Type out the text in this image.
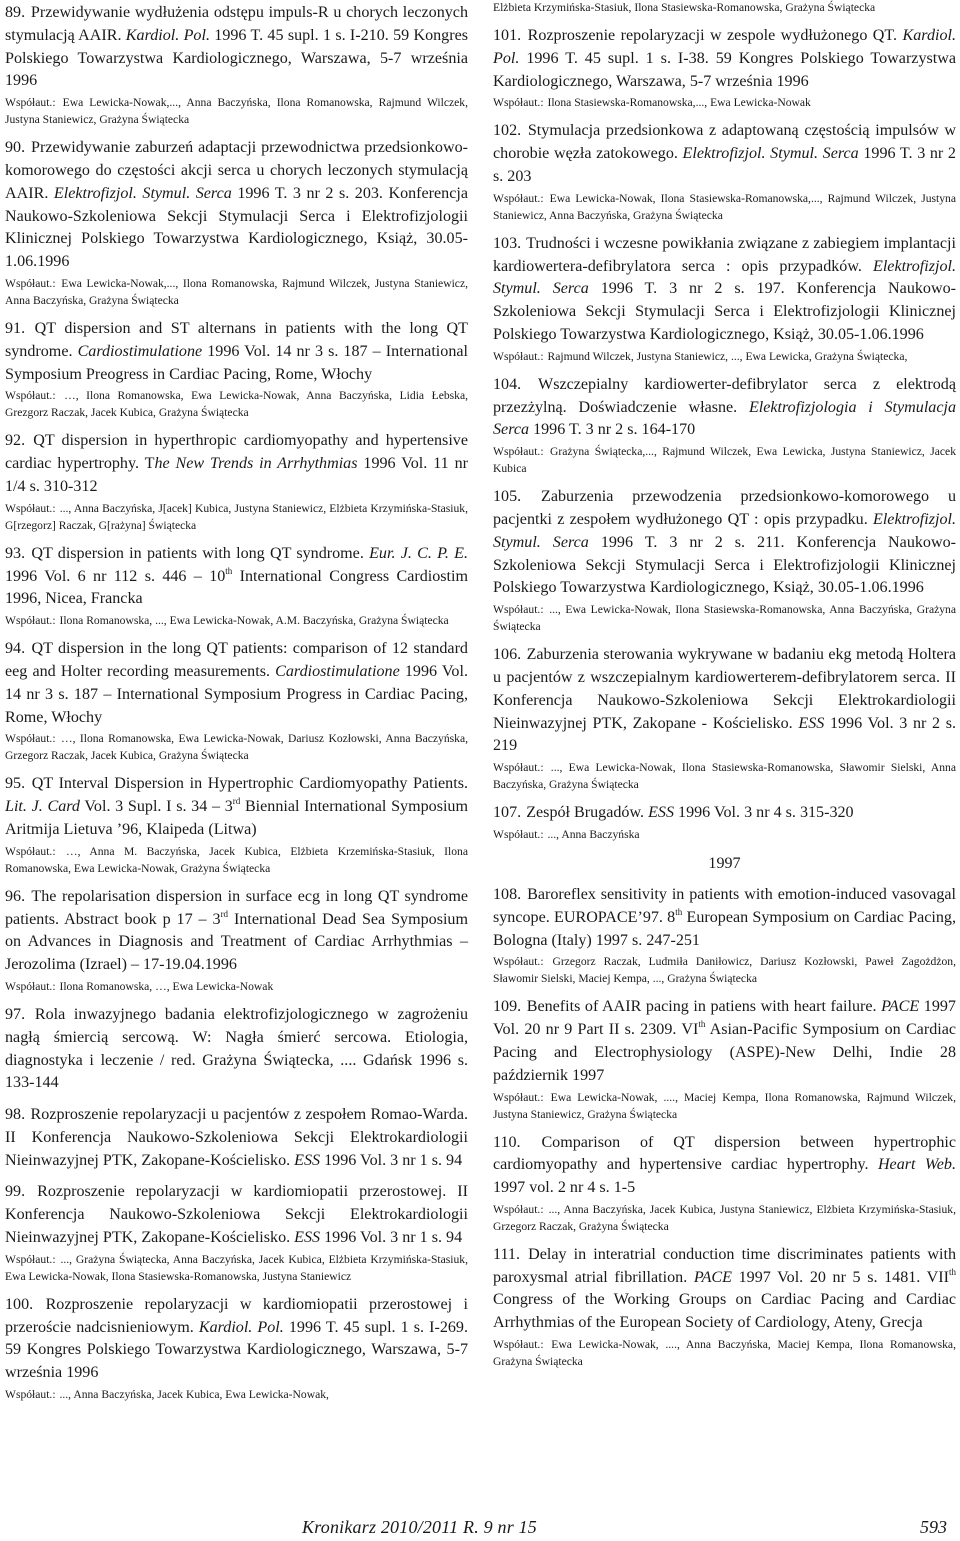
89. Przewidywanie wydłużenia odstępu impuls-R u chorych leczonych stymulacją AAIR. Kardiol. Pol. 1996 T. 45 supl. 1 s. I-210. 59 Kongres Polskiego Towarzystwa Kardiologicznego, Warszawa, 5-7 września 1996

Współaut.: Ewa Lewicka-Nowak,..., Anna Baczyńska, Ilona Romanowska, Rajmund Wilczek, Justyna Staniewicz, Grażyna Świątecka

90. Przewidywanie zaburzeń adaptacji przewodnictwa przedsionkowo-komorowego do częstości akcji serca u chorych leczonych stymulacją AAIR. Elektrofizjol. Stymul. Serca 1996 T. 3 nr 2 s. 203. Konferencja Naukowo-Szkoleniowa Sekcji Stymulacji Serca i Elektrofizjologii Klinicznej Polskiego Towarzystwa Kardiologicznego, Książ, 30.05-1.06.1996

Współaut.: Ewa Lewicka-Nowak,..., Ilona Romanowska, Rajmund Wilczek, Justyna Staniewicz, Anna Baczyńska, Grażyna Świątecka

91. QT dispersion and ST alternans in patients with the long QT syndrome. Cardiostimulatione 1996 Vol. 14 nr 3 s. 187 – International Symposium Preogress in Cardiac Pacing, Rome, Włochy

Współaut.: …, Ilona Romanowska, Ewa Lewicka-Nowak, Anna Baczyńska, Lidia Łebska, Grezgorz Raczak, Jacek Kubica, Grażyna Świątecka

92. QT dispersion in hyperthropic cardiomyopathy and hypertensive cardiac hypertrophy. The New Trends in Arrhythmias 1996 Vol. 11 nr 1/4 s. 310-312

Współaut.: ..., Anna Baczyńska, J[acek] Kubica, Justyna Staniewicz, Elżbieta Krzymińska-Stasiuk, G[rzegorz] Raczak, G[rażyna] Świątecka

93. QT dispersion in patients with long QT syndrome. Eur. J. C. P. E. 1996 Vol. 6 nr 112 s. 446 – 10th International Congress Cardiostim 1996, Nicea, Francka

Współaut.: Ilona Romanowska, ..., Ewa Lewicka-Nowak, A.M. Baczyńska, Grażyna Świątecka

94. QT dispersion in the long QT patients: comparison of 12 standard eeg and Holter recording measurements. Cardiostimulatione 1996 Vol. 14 nr 3 s. 187 – International Symposium Progress in Cardiac Pacing, Rome, Włochy

Współaut.: …, Ilona Romanowska, Ewa Lewicka-Nowak, Dariusz Kozłowski, Anna Baczyńska, Grzegorz Raczak, Jacek Kubica, Grażyna Świątecka

95. QT Interval Dispersion in Hypertrophic Cardiomyopathy Patients. Lit. J. Card Vol. 3 Supl. I s. 34 – 3rd Biennial International Symposium Aritmija Lietuva ’96, Klaipeda (Litwa)

Współaut.: …, Anna M. Baczyńska, Jacek Kubica, Elżbieta Krzemińska-Stasiuk, Ilona Romanowska, Ewa Lewicka-Nowak, Grażyna Świątecka

96. The repolarisation dispersion in surface ecg in long QT syndrome patients. Abstract book p 17 – 3rd International Dead Sea Symposium on Advances in Diagnosis and Treatment of Cardiac Arrhythmias – Jerozolima (Izrael) – 17-19.04.1996

Współaut.: Ilona Romanowska, …, Ewa Lewicka-Nowak

97. Rola inwazyjnego badania elektrofizjologicznego w zagrożeniu nagłą śmiercią sercową. W: Nagła śmierć sercowa. Etiologia, diagnostyka i leczenie / red. Grażyna Świątecka, .... Gdańsk 1996 s. 133-144

98. Rozproszenie repolaryzacji u pacjentów z zespołem Romao-Warda. II Konferencja Naukowo-Szkoleniowa Sekcji Elektrokardiologii Nieinwazyjnej PTK, Zakopane-Kościelisko. ESS 1996 Vol. 3 nr 1 s. 94

99. Rozproszenie repolaryzacji w kardiomiopatii przerostowej. II Konferencja Naukowo-Szkoleniowa Sekcji Elektrokardiologii Nieinwazyjnej PTK, Zakopane-Kościelisko. ESS 1996 Vol. 3 nr 1 s. 94

Współaut.: ..., Grażyna Świątecka, Anna Baczyńska, Jacek Kubica, Elżbieta Krzymińska-Stasiuk, Ewa Lewicka-Nowak, Ilona Stasiewska-Romanowska, Justyna Staniewicz

100. Rozproszenie repolaryzacji w kardiomiopatii przerostowej i przeroście nadcisnieniowym. Kardiol. Pol. 1996 T. 45 supl. 1 s. I-269. 59 Kongres Polskiego Towarzystwa Kardiologicznego, Warszawa, 5-7 września 1996

Współaut.: ..., Anna Baczyńska, Jacek Kubica, Ewa Lewicka-Nowak,

Elżbieta Krzymińska-Stasiuk, Ilona Stasiewska-Romanowska, Grażyna Świątecka

101. Rozproszenie repolaryzacji w zespole wydłużonego QT. Kardiol. Pol. 1996 T. 45 supl. 1 s. I-38. 59 Kongres Polskiego Towarzystwa Kardiologicznego, Warszawa, 5-7 września 1996

Współaut.: Ilona Stasiewska-Romanowska,..., Ewa Lewicka-Nowak

102. Stymulacja przedsionkowa z adaptowaną częstością impulsów w chorobie węzła zatokowego. Elektrofizjol. Stymul. Serca 1996 T. 3 nr 2 s. 203

Współaut.: Ewa Lewicka-Nowak, Ilona Stasiewska-Romanowska,..., Rajmund Wilczek, Justyna Staniewicz, Anna Baczyńska, Grażyna Świątecka

103. Trudności i wczesne powikłania związane z zabiegiem implantacji kardiowertera-defibrylatora serca : opis przypadków. Elektrofizjol. Stymul. Serca 1996 T. 3 nr 2 s. 197. Konferencja Naukowo-Szkoleniowa Sekcji Stymulacji Serca i Elektrofizjologii Klinicznej Polskiego Towarzystwa Kardiologicznego, Książ, 30.05-1.06.1996

Współaut.: Rajmund Wilczek, Justyna Staniewicz, ..., Ewa Lewicka, Grażyna Świątecka,

104. Wszczepialny kardiowerter-defibrylator serca z elektrodą przezżylną. Doświadczenie własne. Elektrofizjologia i Stymulacja Serca 1996 T. 3 nr 2 s. 164-170

Współaut.: Grażyna Świątecka,..., Rajmund Wilczek, Ewa Lewicka, Justyna Staniewicz, Jacek Kubica

105. Zaburzenia przewodzenia przedsionkowo-komorowego u pacjentki z zespołem wydłużonego QT : opis przypadku. Elektrofizjol. Stymul. Serca 1996 T. 3 nr 2 s. 211. Konferencja Naukowo-Szkoleniowa Sekcji Stymulacji Serca i Elektrofizjologii Klinicznej Polskiego Towarzystwa Kardiologicznego, Książ, 30.05-1.06.1996

Współaut.: ..., Ewa Lewicka-Nowak, Ilona Stasiewska-Romanowska, Anna Baczyńska, Grażyna Świątecka

106. Zaburzenia sterowania wykrywane w badaniu ekg metodą Holtera u pacjentów z wszczepialnym kardiowerterem-defibrylatorem serca. II Konferencja Naukowo-Szkoleniowa Sekcji Elektrokardiologii Nieinwazyjnej PTK, Zakopane - Kościelisko. ESS 1996 Vol. 3 nr 2 s. 219

Współaut.: ..., Ewa Lewicka-Nowak, Ilona Stasiewska-Romanowska, Sławomir Sielski, Anna Baczyńska, Grażyna Świątecka

107. Zespół Brugadów. ESS 1996 Vol. 3 nr 4 s. 315-320

Współaut.: ..., Anna Baczyńska

1997

108. Baroreflex sensitivity in patients with emotion-induced vasovagal syncope. EUROPACE’97. 8th European Symposium on Cardiac Pacing, Bologna (Italy) 1997 s. 247-251

Współaut.: Grzegorz Raczak, Ludmiła Daniłowicz, Dariusz Kozłowski, Paweł Zagożdżon, Sławomir Sielski, Maciej Kempa, ..., Grażyna Świątecka

109. Benefits of AAIR pacing in patiens with heart failure. PACE 1997 Vol. 20 nr 9 Part II s. 2309. VIth Asian-Pacific Symposium on Cardiac Pacing and Electrophysiology (ASPE)-New Delhi, Indie 28 październik 1997

Współaut.: Ewa Lewicka-Nowak, ...., Maciej Kempa, Ilona Romanowska, Rajmund Wilczek, Justyna Staniewicz, Grażyna Świątecka

110. Comparison of QT dispersion between hypertrophic cardiomyopathy and hypertensive cardiac hypertrophy. Heart Web. 1997 vol. 2 nr 4 s. 1-5

Współaut.: ..., Anna Baczyńska, Jacek Kubica, Justyna Staniewicz, Elżbieta Krzymińska-Stasiuk, Grzegorz Raczak, Grażyna Świątecka

111. Delay in interatrial conduction time discriminates patients with paroxysmal atrial fibrillation. PACE 1997 Vol. 20 nr 5 s. 1481. VIIth Congress of the Working Groups on Cardiac Pacing and Cardiac Arrhythmias of the European Society of Cardiology, Ateny, Grecja

Współaut.: Ewa Lewicka-Nowak, ...., Anna Baczyńska, Maciej Kempa, Ilona Romanowska, Grażyna Świątecka

Kronikarz 2010/2011 R. 9 nr 15	593
